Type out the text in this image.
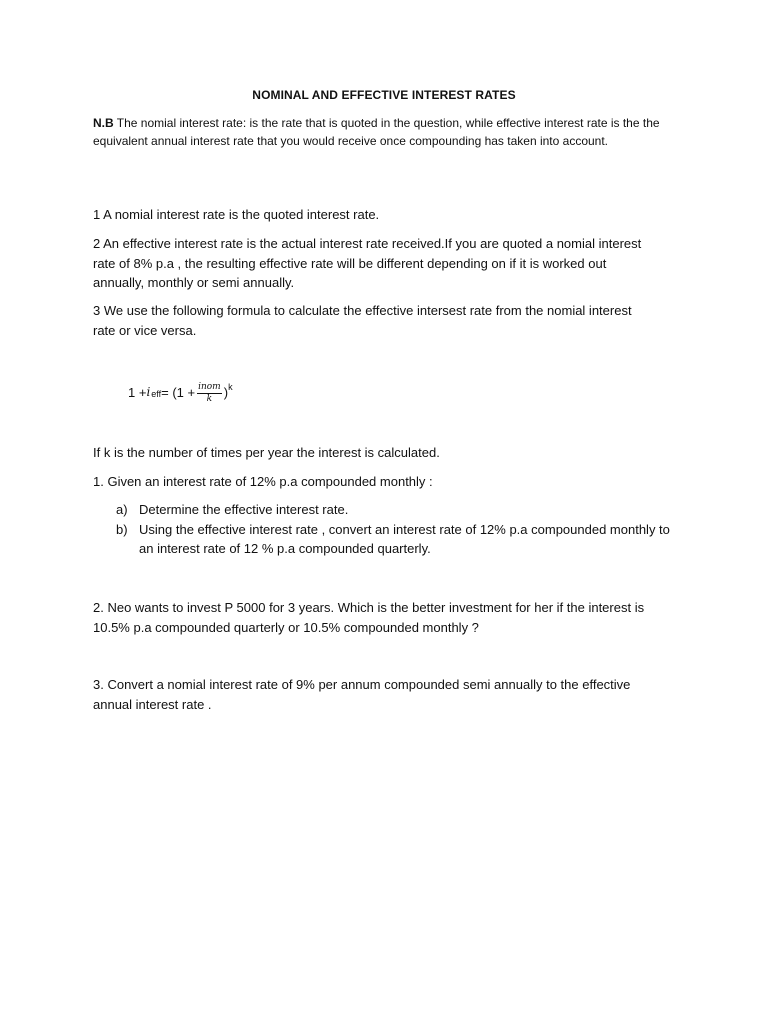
NOMINAL AND EFFECTIVE INTEREST RATES
N.B The nomial interest rate: is the rate that is quoted in the question, while effective interest rate is the the equivalent annual interest rate that you would receive once compounding has taken into account.
1 A nomial interest rate is the quoted interest rate.
2 An effective interest rate is the actual interest rate received.If you are quoted a nomial interest rate of 8% p.a , the resulting effective rate will be different depending on if it is worked out annually, monthly or semi annually.
3 We use the following formula to calculate the effective intersest rate from the nomial interest rate or vice versa.
1 + i eff = ($1 + \frac{\text{inom}}{k}$ ) k
If k is the number of times per year the interest is calculated.
1. Given an interest rate of 12% p.a compounded monthly :
a) Determine the effective interest rate.
b) Using the effective interest rate , convert an interest rate of 12% p.a compounded monthly to an interest rate of 12 % p.a compounded quarterly.
2. Neo wants to invest P 5000 for 3 years. Which is the better investment for her if the interest is 10.5% p.a compounded quarterly or 10.5% compounded monthly ?
3. Convert a nomial interest rate of 9% per annum compounded semi annually to the effective annual interest rate .
